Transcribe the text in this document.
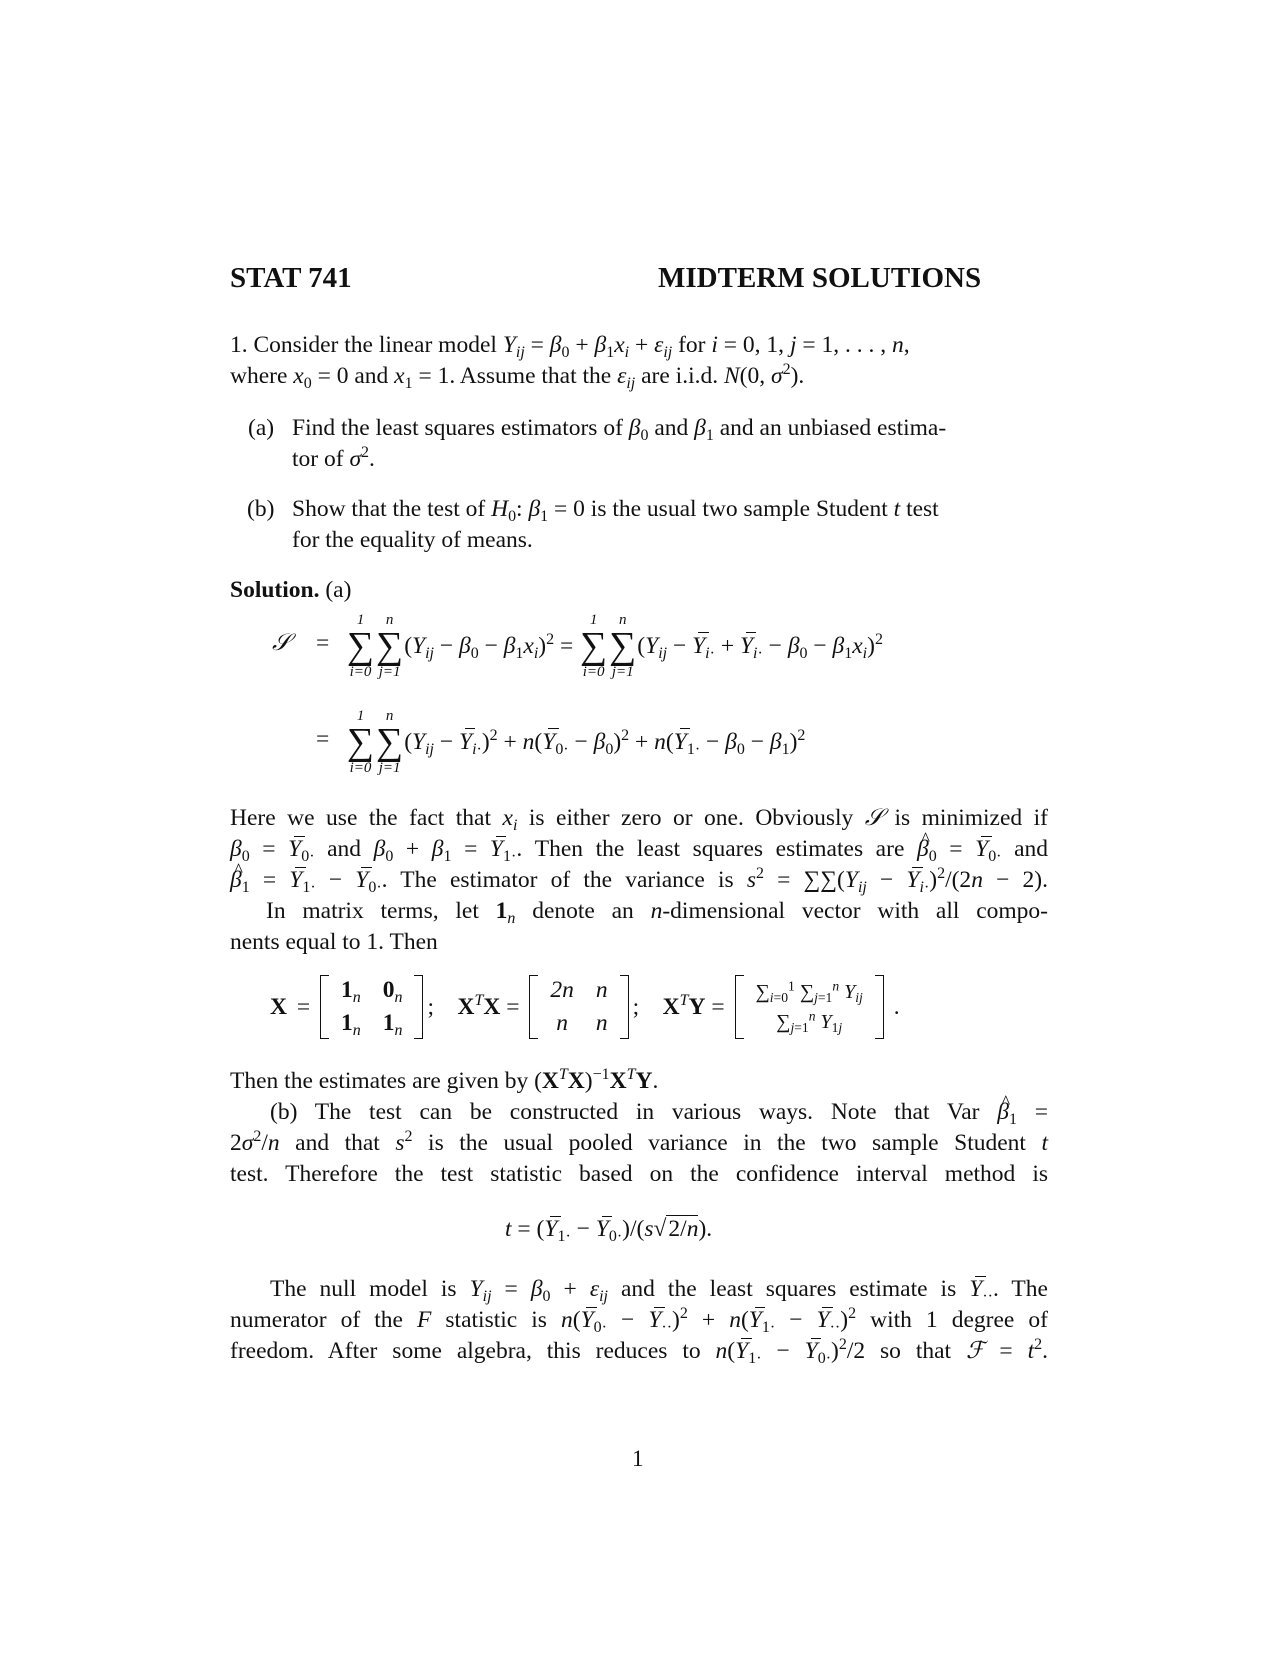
STAT 741	MIDTERM SOLUTIONS
1. Consider the linear model $Y_{ij} = \beta_0 + \beta_1x_i + \varepsilon_{ij}$ for i = 0, 1, j = 1, . . . , n,
where $x_0 = 0$ and $x_1 = 1$. Assume that the $\varepsilon_{ij}$ are i.i.d. N(0, $\sigma^2$).
(a) Find the least squares estimators of $\beta_0$ and $\beta_1$ and an unbiased estima-
tor of $\sigma^2$.
(b) Show that the test of $H_0$: $\beta_1 = 0$ is the usual two sample Student t test
for the equality of means.
Solution. (a)
𝒮 =
1
∑
i=0
n
∑
j=1
$(Y_{ij} - \beta_0 - \beta_1x_i)^2$ =
1
∑
i=0
n
∑
j=1
$(Y_{ij} - Y_{i\cdot} + Y_{i\cdot} - \beta_0 - \beta_1x_i)^2$
=
1
∑
i=0
n
∑
j=1
$(Y_{ij} - Y_{i\cdot})^2 + n(Y_{0\cdot} - \beta_0)^2 + n(Y_{1\cdot} - \beta_0 - \beta_1)^2$
Here we use the fact that $x_i$ is either zero or one. Obviously 𝒮 is minimized if
$\beta_0 = Y_{0\cdot}$ and $\beta_0 + \beta_1 = Y_{1\cdot}$. Then the least squares estimates are ^ $\beta_0 = Y_{0\cdot}$ and
^ $\beta_1 = Y_{1\cdot} - Y_{0\cdot}$. The estimator of the variance is $s^2 = \sum\sum(Y_{ij} - Y_{i\cdot})^2/(2n - 2)$.
In matrix terms, let $1_n$ denote an n-dimensional vector with all compo-
nents equal to 1. Then
X =
$1_n$ $0_n$
$1_n$ $1_n$
;    $X^TX$ =
2n n
n n
;    $X^TY$ =
$\sum_{i=0}^1$ $\sum_{j=1}^n$ $Y_{ij}$
$\sum_{j=1}^n$ $Y_{1j}$
.
Then the estimates are given by $(X^TX)^{-1}X^TY$.
(b) The test can be constructed in various ways. Note that Var ^ $\beta_1$ =
$2\sigma^2/n$ and that $s^2$ is the usual pooled variance in the two sample Student t
test. Therefore the test statistic based on the confidence interval method is
$t = (Y_{1\cdot} - Y_{0\cdot})/(s√2/n)$.
The null model is $Y_{ij} = \beta_0 + \varepsilon_{ij}$ and the least squares estimate is $Y_{\cdot\cdot}$. The
numerator of the F statistic is $n(Y_{0\cdot} - Y_{\cdot\cdot})^2 + n(Y_{1\cdot} - Y_{\cdot\cdot})^2$ with 1 degree of
freedom. After some algebra, this reduces to $n(Y_{1\cdot} - Y_{0\cdot})^2/2$ so that ℱ = $t^2$.
1
